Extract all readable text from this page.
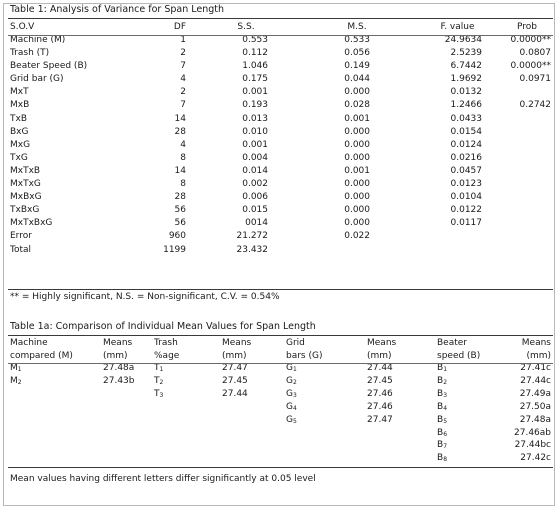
Table 1: Analysis of Variance for Span Length
S.O.V	DF	S.S.	M.S.	F. value	Prob
Machine (M)	1	0.553	0.533	24.9634	0.0000**
Trash (T)	2	0.112	0.056	2.5239	0.0807
Beater Speed (B)	7	1.046	0.149	6.7442	0.0000**
Grid bar (G)	4	0.175	0.044	1.9692	0.0971
MxT	2	0.001	0.000	0.0132	
MxB	7	0.193	0.028	1.2466	0.2742
TxB	14	0.013	0.001	0.0433	
BxG	28	0.010	0.000	0.0154	
MxG	4	0.001	0.000	0.0124	
TxG	8	0.004	0.000	0.0216	
MxTxB	14	0.014	0.001	0.0457	
MxTxG	8	0.002	0.000	0.0123	
MxBxG	28	0.006	0.000	0.0104	
TxBxG	56	0.015	0.000	0.0122	
MxTxBxG	56	0014	0.000	0.0117	
Error	960	21.272	0.022		
Total	1199	23.432			
** = Highly significant, N.S. = Non-significant, C.V. = 0.54%
Table 1a: Comparison of Individual Mean Values for Span Length
Machine	Means	Trash	Means	Grid	Means	Beater	Means
compared (M)	(mm)	%age	(mm)	bars (G)	(mm)	speed (B)	(mm)
$M_1$	27.48a	$T_1$	27.47	$G_1$	27.44	$B_1$	27.41c
$M_2$	27.43b	$T_2$	27.45	$G_2$	27.45	$B_2$	27.44c
		$T_3$	27.44	$G_3$	27.46	$B_3$	27.49a
				$G_4$	27.46	$B_4$	27.50a
				$G_5$	27.47	$B_5$	27.48a
						$B_6$	27.46ab
						$B_7$	27.44bc
						$B_8$	27.42c
Mean values having different letters differ significantly at 0.05 level
